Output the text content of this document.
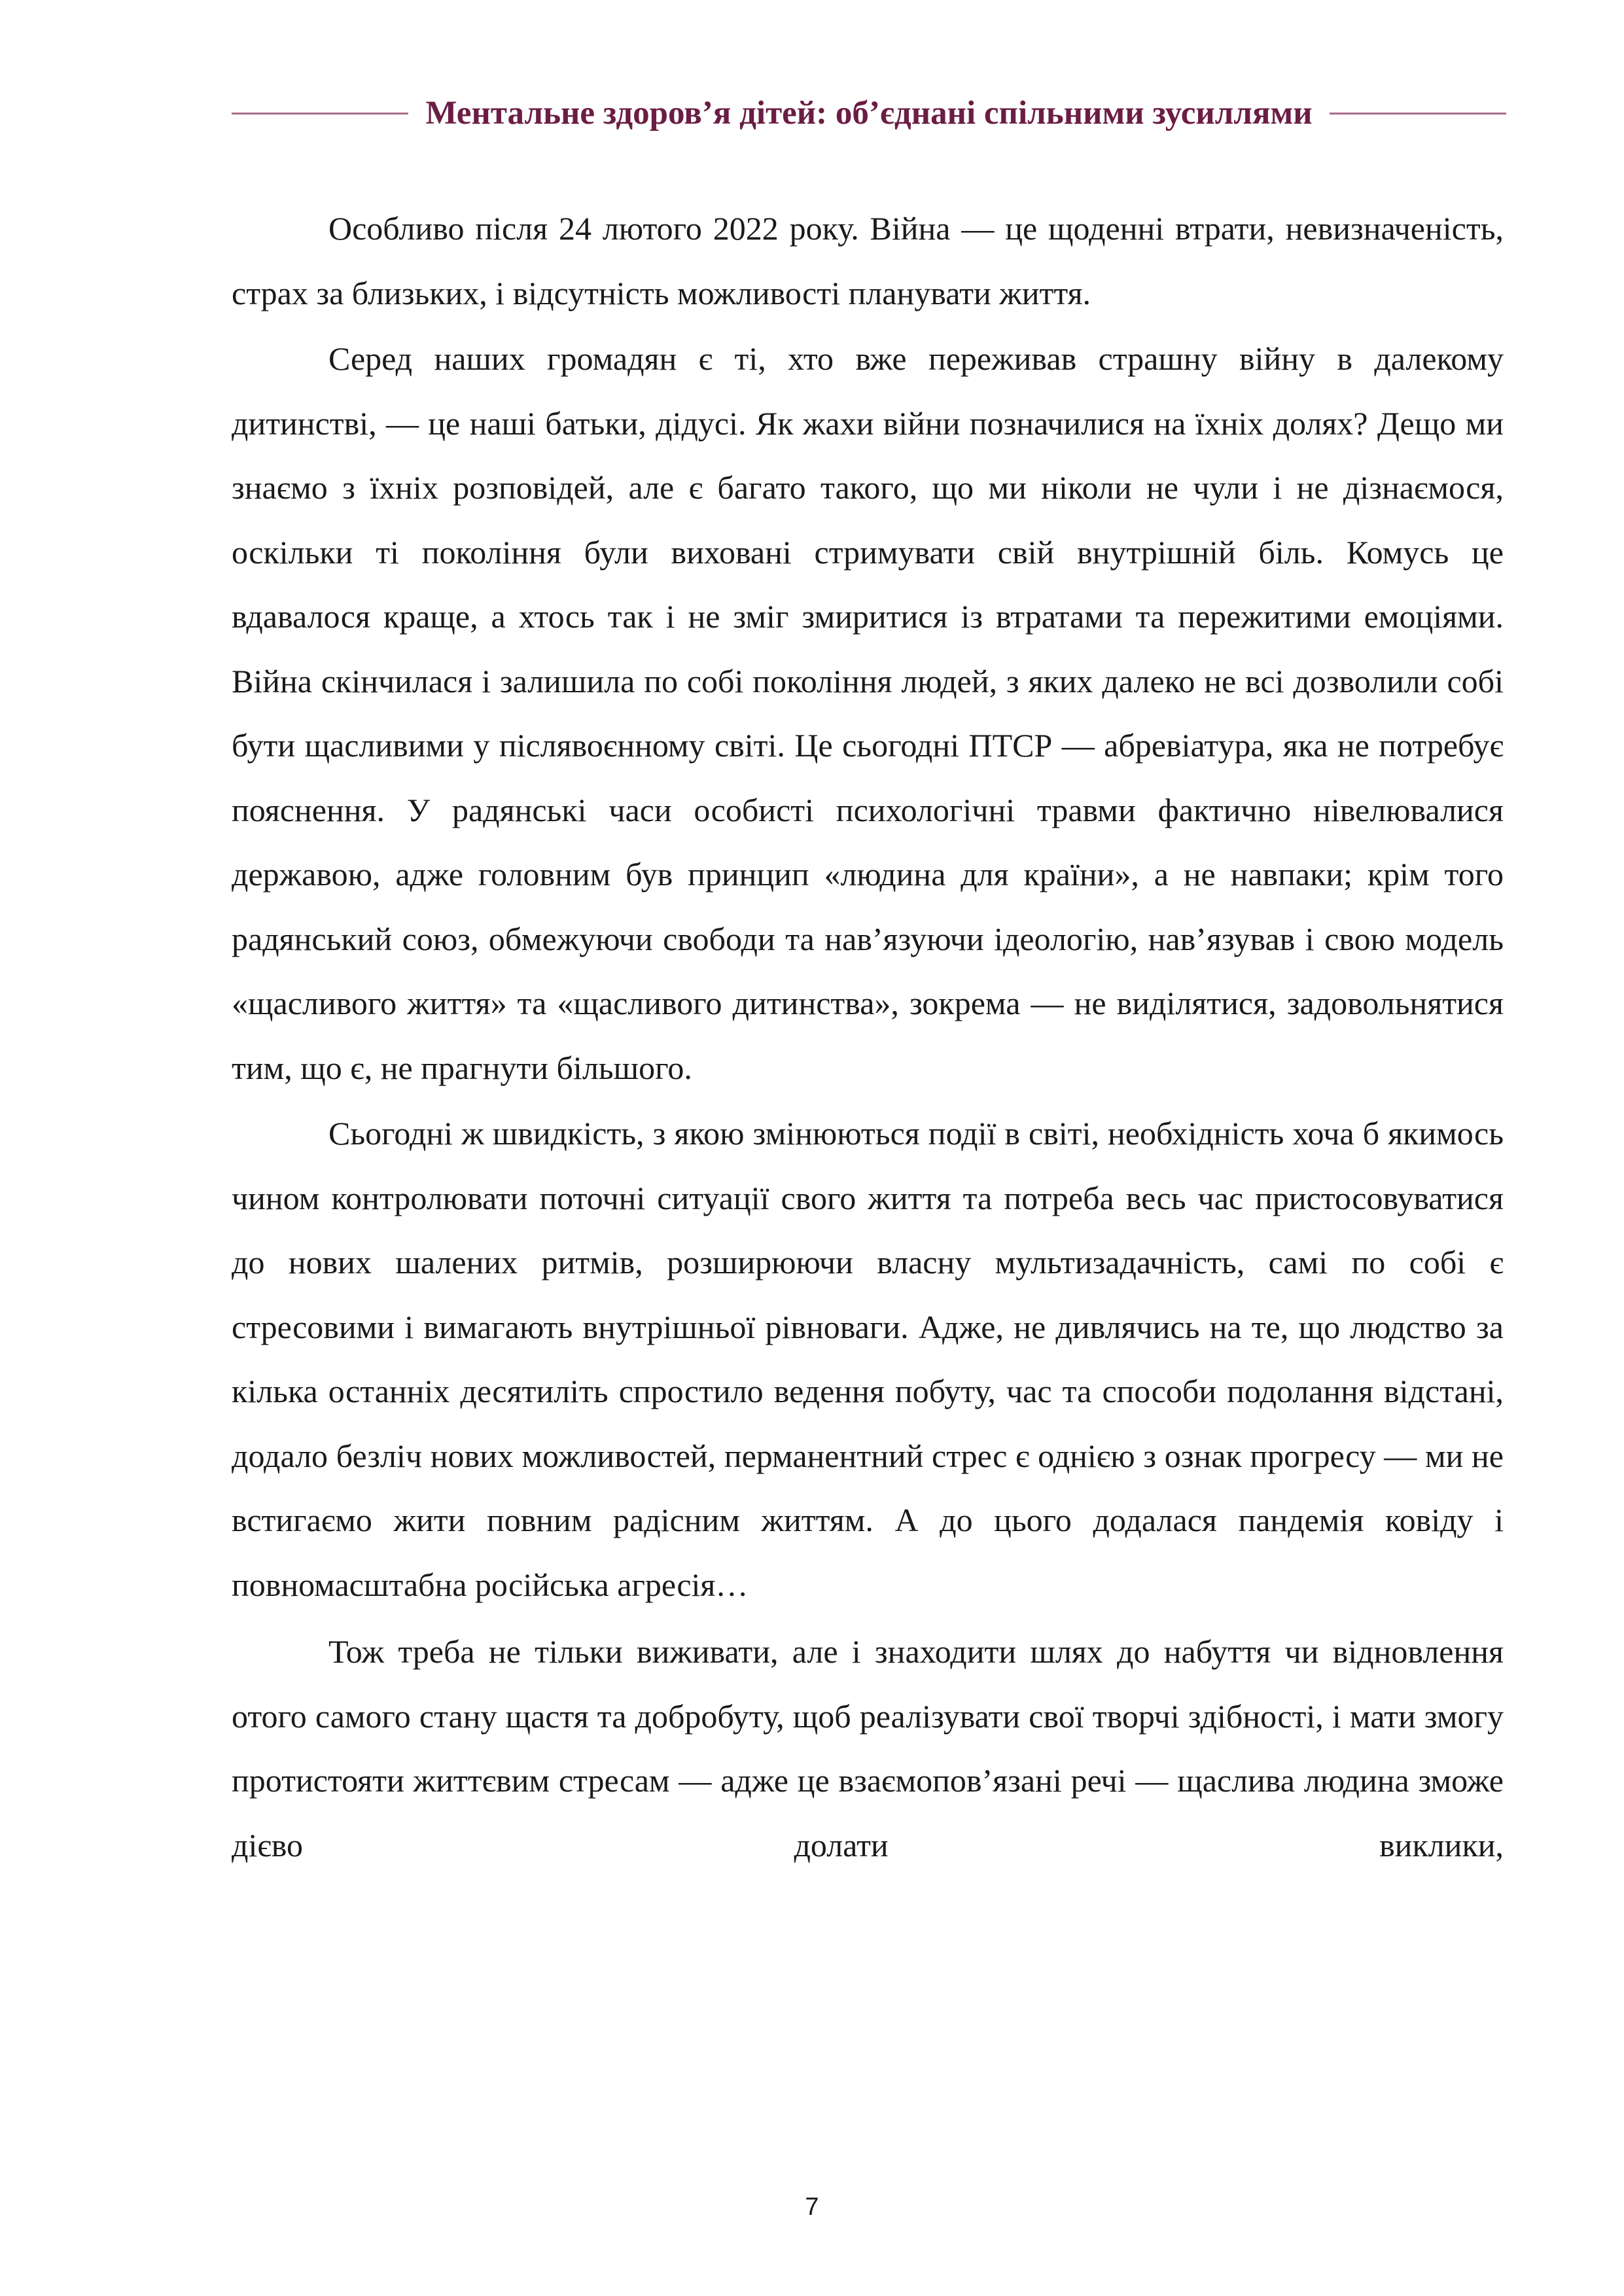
Ментальне здоров’я дітей: об’єднані спільними зусиллями

Особливо після 24 лютого 2022 року. Війна — це щоденні втрати, невизначеність, страх за близьких, і відсутність можливості планувати життя.

Серед наших громадян є ті, хто вже переживав страшну війну в далекому дитинстві, — це наші батьки, дідусі. Як жахи війни позначилися на їхніх долях? Дещо ми знаємо з їхніх розповідей, але є багато такого, що ми ніколи не чули і не дізнаємося, оскільки ті покоління були виховані стримувати свій внутрішній біль. Комусь це вдавалося краще, а хтось так і не зміг змиритися із втратами та пережитими емоціями. Війна скінчилася і залишила по собі покоління людей, з яких далеко не всі дозволили собі бути щасливими у післявоєнному світі. Це сьогодні ПТСР — абревіатура, яка не потребує пояснення. У радянські часи особисті психологічні травми фактично нівелювалися державою, адже головним був принцип «людина для країни», а не навпаки; крім того радянський союз, обмежуючи свободи та нав’язуючи ідеологію, нав’язував і свою модель «щасливого життя» та «щасливого дитинства», зокрема — не виділятися, задовольнятися тим, що є, не прагнути більшого.

Сьогодні ж швидкість, з якою змінюються події в світі, необхідність хоча б якимось чином контролювати поточні ситуації свого життя та потреба весь час пристосовуватися до нових шалених ритмів, розширюючи власну мультизадачність, самі по собі є стресовими і вимагають внутрішньої рівноваги. Адже, не дивлячись на те, що людство за кілька останніх десятиліть спростило ведення побуту, час та способи подолання відстані, додало безліч нових можливостей, перманентний стрес є однією з ознак прогресу — ми не встигаємо жити повним радісним життям. А до цього додалася пандемія ковіду і повномасштабна російська агресія…

Тож треба не тільки виживати, але і знаходити шлях до набуття чи відновлення отого самого стану щастя та добробуту, щоб реалізувати свої творчі здібності, і мати змогу протистояти життєвим стресам — адже це взаємопов’язані речі — щаслива людина зможе дієво долати виклики,

7
